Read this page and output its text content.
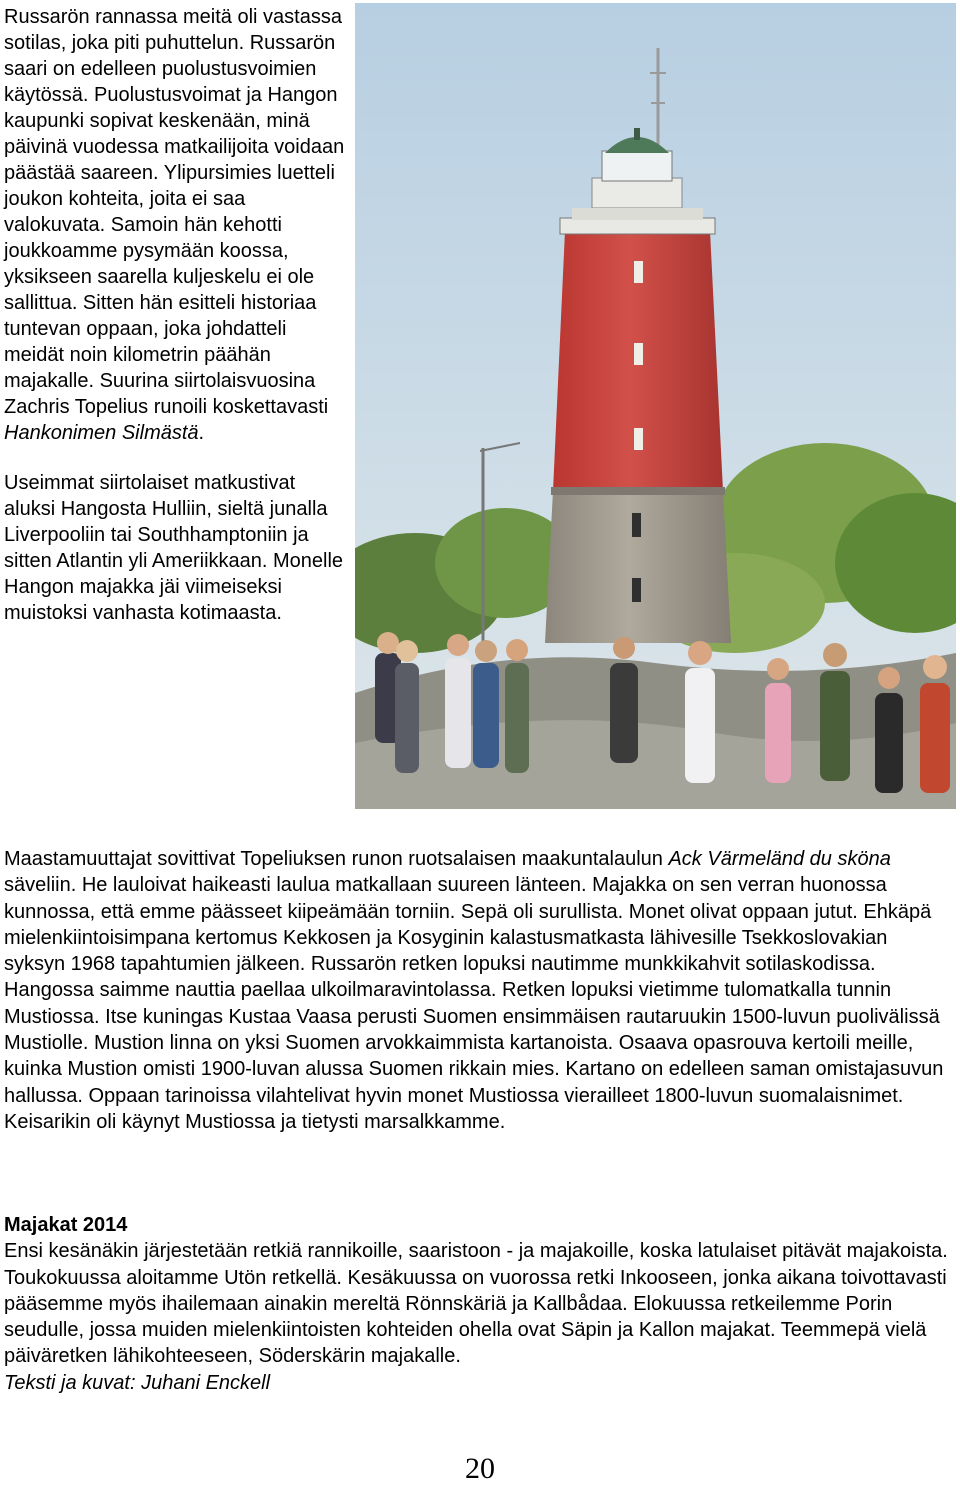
Russarön rannassa meitä oli vastassa sotilas, joka piti puhuttelun. Russarön saari on edelleen puolustusvoimien käytössä. Puolustusvoimat ja Hangon kaupunki sopivat keskenään, minä päivinä vuodessa matkailijoita voidaan päästää saareen. Ylipursimies luetteli joukon kohteita, joita ei saa valokuvata. Samoin hän kehotti joukkoamme pysymään koossa, yksikseen saarella kuljeskelu ei ole sallittua. Sitten hän esitteli historiaa tuntevan oppaan, joka johdatteli meidät noin kilometrin päähän majakalle. Suurina siirtolaisvuosina Zachris Topelius runoili koskettavasti Hankonimen Silmästä.

Useimmat siirtolaiset matkustivat aluksi Hangosta Hulliin, sieltä junalla Liverpooliin tai Southhamptoniin ja sitten Atlantin yli Ameriikkaan. Monelle Hangon majakka jäi viimeiseksi muistoksi vanhasta kotimaasta.

Maastamuuttajat sovittivat Topeliuksen runon ruotsalaisen maakuntalaulun Ack Värmeländ du sköna säveliin. He lauloivat haikeasti laulua matkallaan suureen länteen. Majakka on sen verran huonossa kunnossa, että emme päässeet kiipeämään torniin. Sepä oli surullista. Monet olivat oppaan jutut. Ehkäpä mielenkiintoisimpana kertomus Kekkosen ja Kosyginin kalastusmatkasta lähivesille Tsekkoslovakian syksyn 1968 tapahtumien jälkeen. Russarön retken lopuksi nautimme munkkikahvit sotilaskodissa. Hangossa saimme nauttia paellaa ulkoilmaravintolassa. Retken lopuksi vietimme tulomatkalla tunnin Mustiossa. Itse kuningas Kustaa Vaasa perusti Suomen ensimmäisen rautaruukin 1500-luvun puolivälissä Mustiolle. Mustion linna on yksi Suomen arvokkaimmista kartanoista. Osaava opasrouva kertoili meille, kuinka Mustion omisti 1900-luvan alussa Suomen rikkain mies. Kartano on edelleen saman omistajasuvun hallussa. Oppaan tarinoissa vilahtelivat hyvin monet Mustiossa vierailleet 1800-luvun suomalaisnimet. Keisarikin oli käynyt Mustiossa ja tietysti marsalkkamme.

Majakat 2014

Ensi kesänäkin järjestetään retkiä rannikoille, saaristoon - ja majakoille, koska latulaiset pitävät majakoista. Toukokuussa aloitamme Utön retkellä. Kesäkuussa on vuorossa retki Inkooseen, jonka aikana toivottavasti pääsemme myös ihailemaan ainakin mereltä Rönnskäriä ja Kallbådaa. Elokuussa retkeilemme Porin seudulle, jossa muiden mielenkiintoisten kohteiden ohella ovat Säpin ja Kallon majakat. Teemmepä vielä päiväretken lähikohteeseen, Söderskärin majakalle.

Teksti ja kuvat: Juhani Enckell

20
